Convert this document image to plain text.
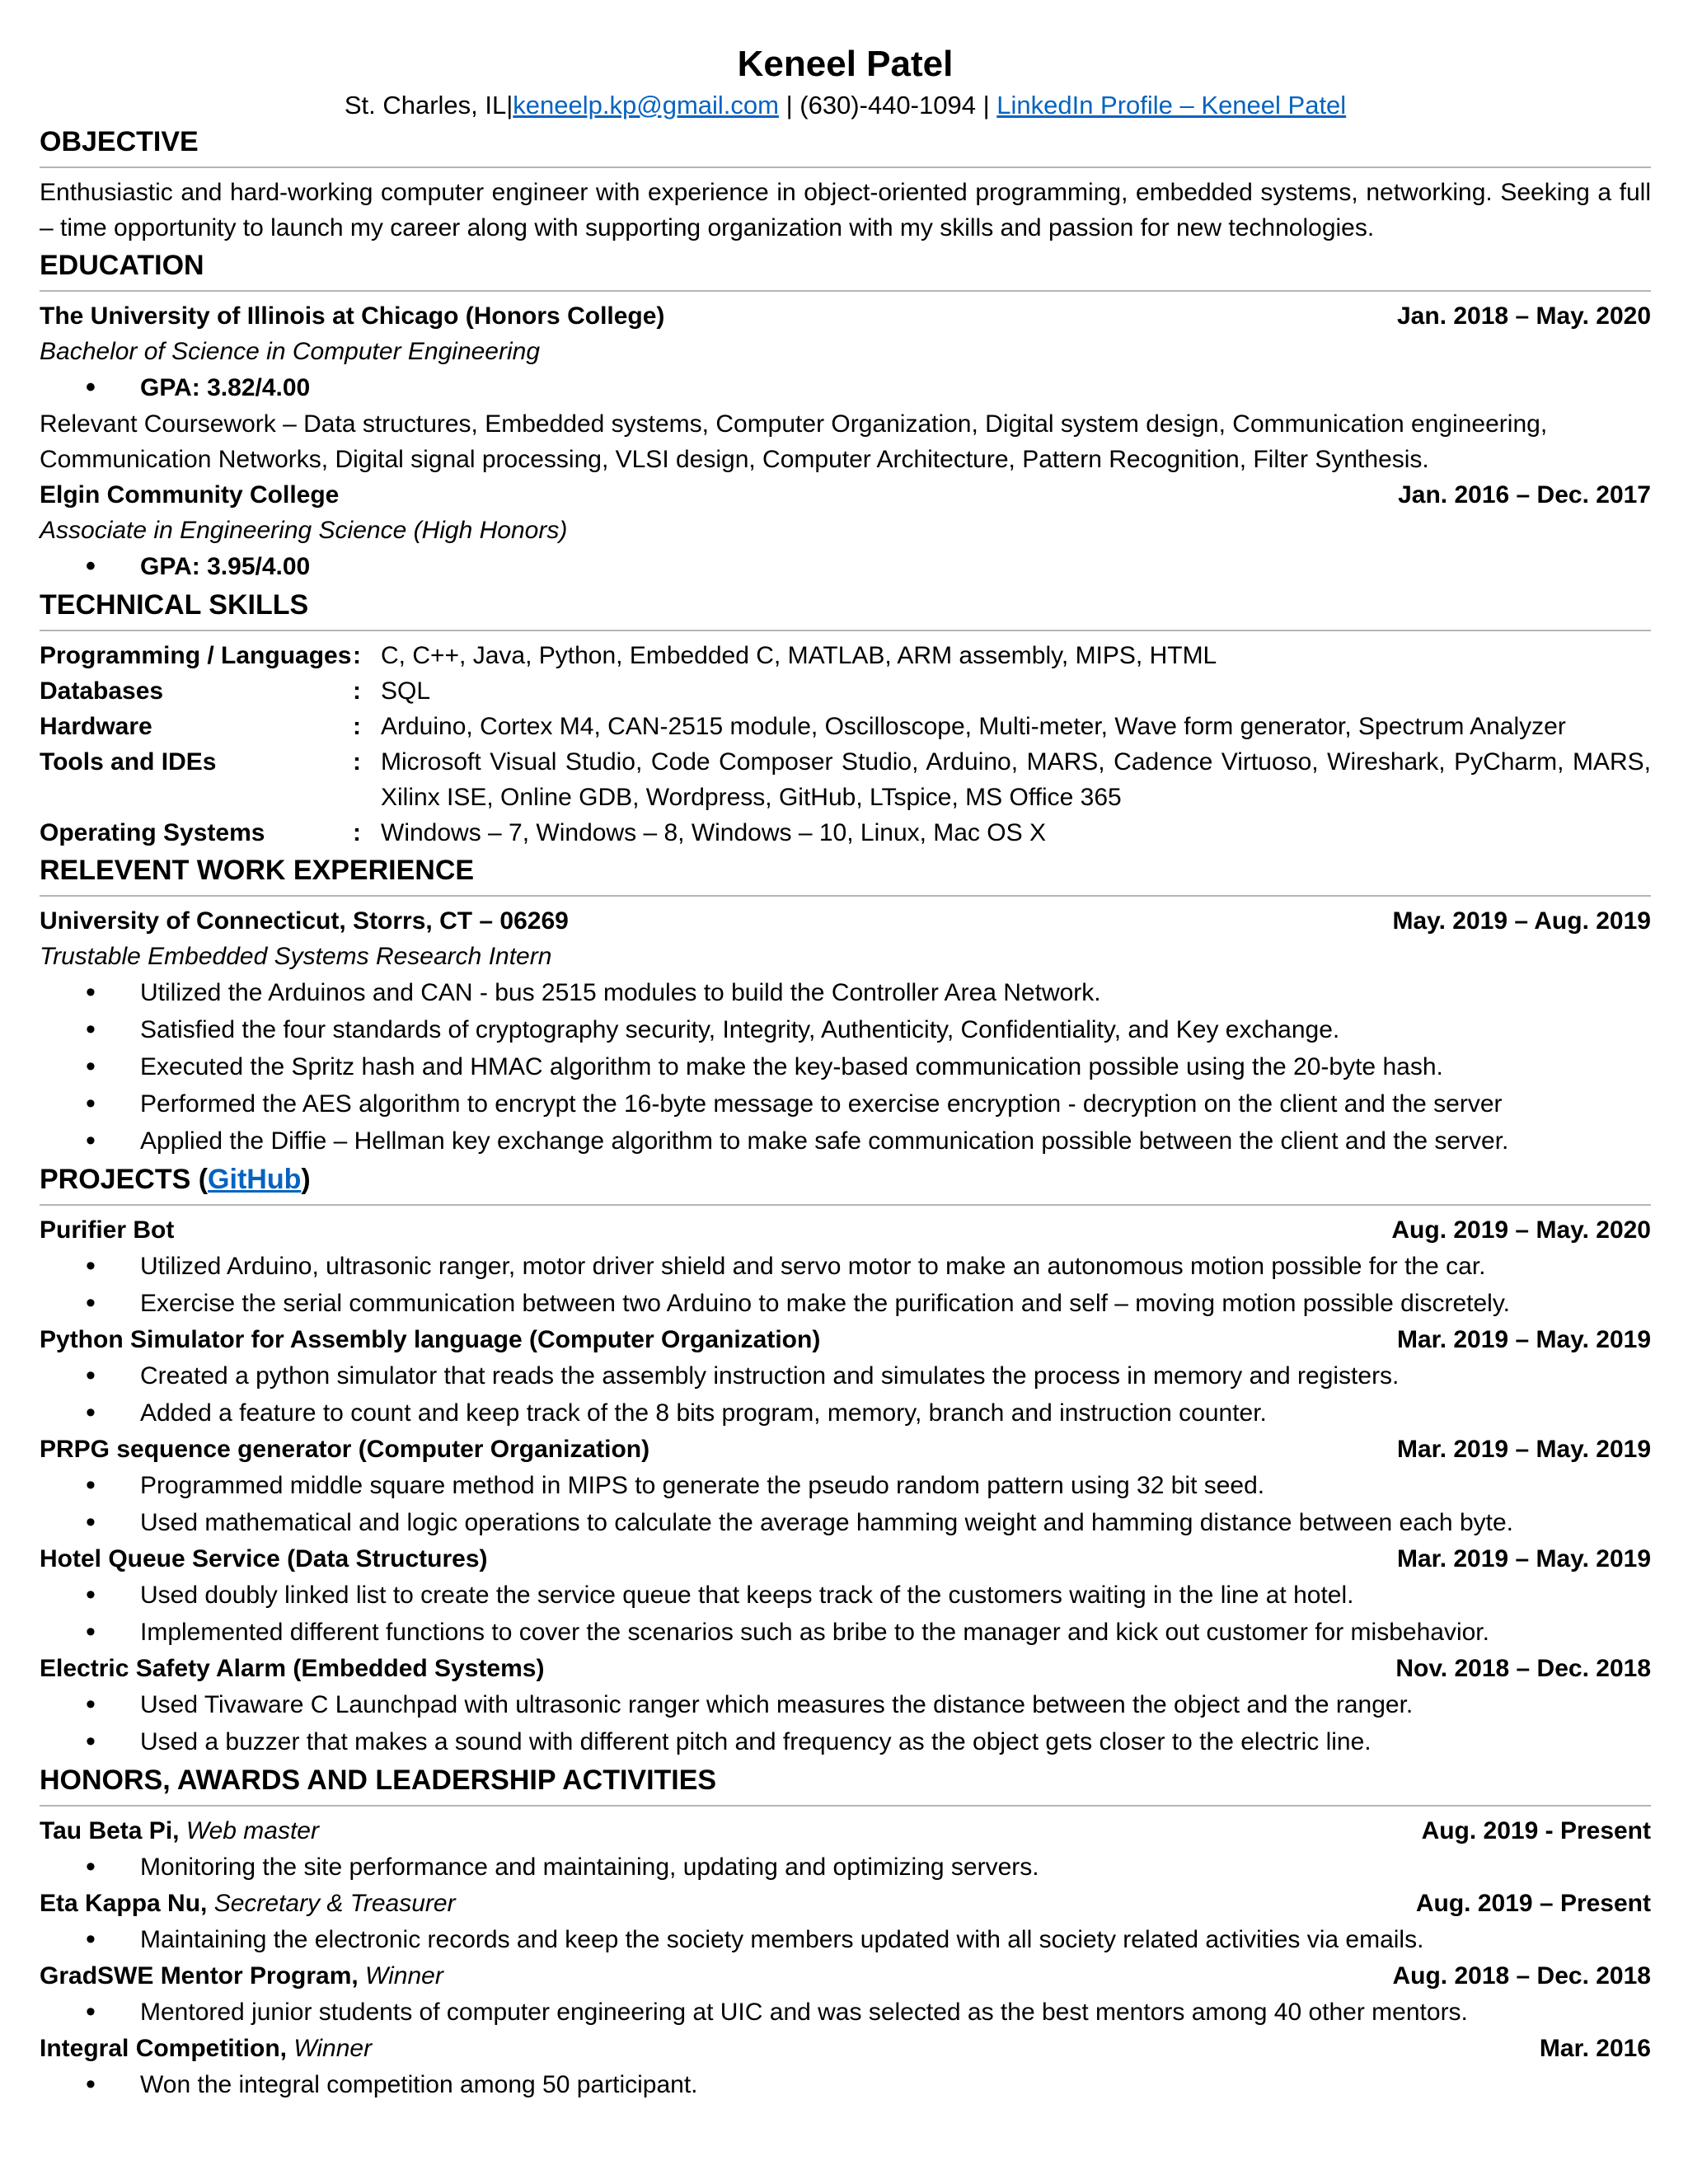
Keneel Patel
St. Charles, IL|keneelp.kp@gmail.com | (630)-440-1094 | LinkedIn Profile – Keneel Patel
OBJECTIVE
Enthusiastic and hard-working computer engineer with experience in object-oriented programming, embedded systems, networking. Seeking a full – time opportunity to launch my career along with supporting organization with my skills and passion for new technologies.
EDUCATION
The University of Illinois at Chicago (Honors College)	Jan. 2018 – May. 2020
Bachelor of Science in Computer Engineering
• GPA: 3.82/4.00
Relevant Coursework – Data structures, Embedded systems, Computer Organization, Digital system design, Communication engineering, Communication Networks, Digital signal processing, VLSI design, Computer Architecture, Pattern Recognition, Filter Synthesis.
Elgin Community College	Jan. 2016 – Dec. 2017
Associate in Engineering Science (High Honors)
• GPA: 3.95/4.00
TECHNICAL SKILLS
Programming / Languages : C, C++, Java, Python, Embedded C, MATLAB, ARM assembly, MIPS, HTML
Databases	: SQL
Hardware	: Arduino, Cortex M4, CAN-2515 module, Oscilloscope, Multi-meter, Wave form generator, Spectrum Analyzer
Tools and IDEs	: Microsoft Visual Studio, Code Composer Studio, Arduino, MARS, Cadence Virtuoso, Wireshark, PyCharm, MARS, Xilinx ISE, Online GDB, Wordpress, GitHub, LTspice, MS Office 365
Operating Systems	: Windows – 7, Windows – 8, Windows – 10, Linux, Mac OS X
RELEVENT WORK EXPERIENCE
University of Connecticut, Storrs, CT – 06269	May. 2019 – Aug. 2019
Trustable Embedded Systems Research Intern
• Utilized the Arduinos and CAN - bus 2515 modules to build the Controller Area Network.
• Satisfied the four standards of cryptography security, Integrity, Authenticity, Confidentiality, and Key exchange.
• Executed the Spritz hash and HMAC algorithm to make the key-based communication possible using the 20-byte hash.
• Performed the AES algorithm to encrypt the 16-byte message to exercise encryption - decryption on the client and the server
• Applied the Diffie – Hellman key exchange algorithm to make safe communication possible between the client and the server.
PROJECTS (GitHub)
Purifier Bot	Aug. 2019 – May. 2020
• Utilized Arduino, ultrasonic ranger, motor driver shield and servo motor to make an autonomous motion possible for the car.
• Exercise the serial communication between two Arduino to make the purification and self – moving motion possible discretely.
Python Simulator for Assembly language (Computer Organization)	Mar. 2019 – May. 2019
• Created a python simulator that reads the assembly instruction and simulates the process in memory and registers.
• Added a feature to count and keep track of the 8 bits program, memory, branch and instruction counter.
PRPG sequence generator (Computer Organization)	Mar. 2019 – May. 2019
• Programmed middle square method in MIPS to generate the pseudo random pattern using 32 bit seed.
• Used mathematical and logic operations to calculate the average hamming weight and hamming distance between each byte.
Hotel Queue Service (Data Structures)	Mar. 2019 – May. 2019
• Used doubly linked list to create the service queue that keeps track of the customers waiting in the line at hotel.
• Implemented different functions to cover the scenarios such as bribe to the manager and kick out customer for misbehavior.
Electric Safety Alarm (Embedded Systems)	Nov. 2018 – Dec. 2018
• Used Tivaware C Launchpad with ultrasonic ranger which measures the distance between the object and the ranger.
• Used a buzzer that makes a sound with different pitch and frequency as the object gets closer to the electric line.
HONORS, AWARDS AND LEADERSHIP ACTIVITIES
Tau Beta Pi, Web master	Aug. 2019 - Present
• Monitoring the site performance and maintaining, updating and optimizing servers.
Eta Kappa Nu, Secretary & Treasurer	Aug. 2019 – Present
• Maintaining the electronic records and keep the society members updated with all society related activities via emails.
GradSWE Mentor Program, Winner	Aug. 2018 – Dec. 2018
• Mentored junior students of computer engineering at UIC and was selected as the best mentors among 40 other mentors.
Integral Competition, Winner	Mar. 2016
• Won the integral competition among 50 participant.
